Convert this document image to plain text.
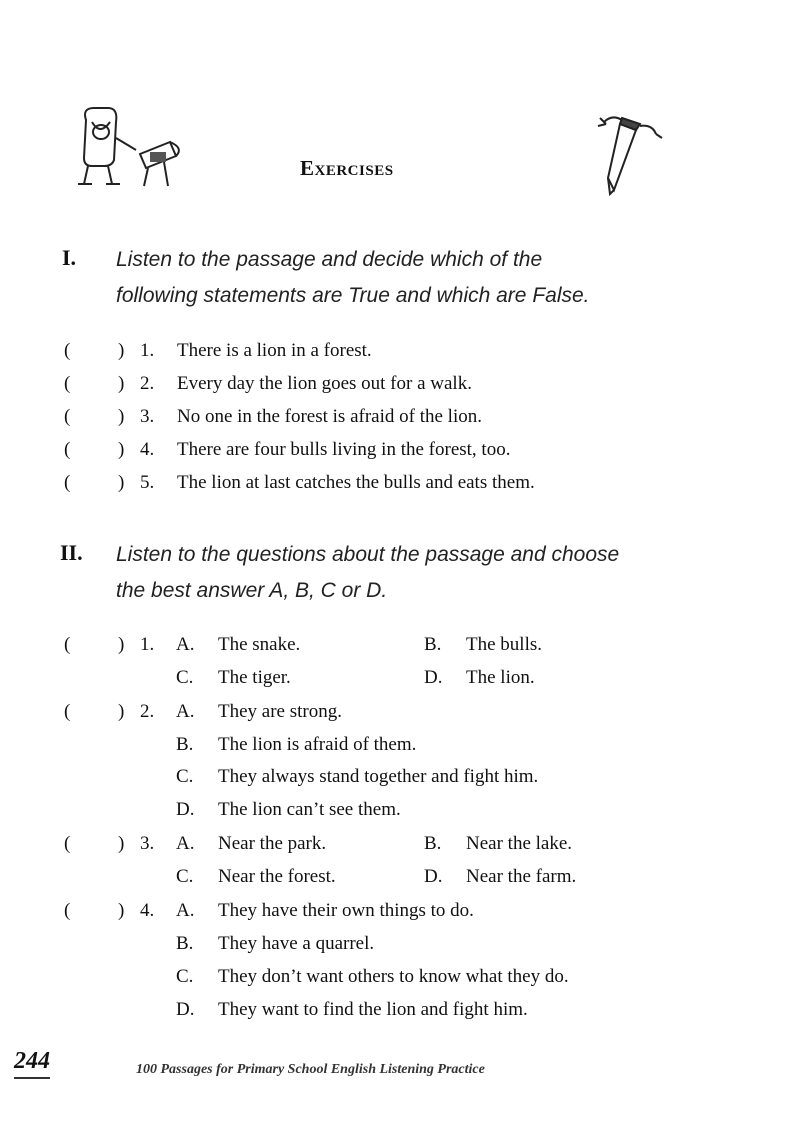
Exercises
I. Listen to the passage and decide which of the
following statements are True and which are False.
(	) 1. There is a lion in a forest.
(	) 2. Every day the lion goes out for a walk.
(	) 3. No one in the forest is afraid of the lion.
(	) 4. There are four bulls living in the forest, too.
(	) 5. The lion at last catches the bulls and eats them.
II. Listen to the questions about the passage and choose
the best answer A, B, C or D.
(	) 1. A. The snake.	B. The bulls.
C. The tiger.	D. The lion.
(	) 2. A. They are strong.
B. The lion is afraid of them.
C. They always stand together and fight him.
D. The lion can’t see them.
(	) 3. A. Near the park.	B. Near the lake.
C. Near the forest.	D. Near the farm.
(	) 4. A. They have their own things to do.
B. They have a quarrel.
C. They don’t want others to know what they do.
D. They want to find the lion and fight him.
244	100 Passages for Primary School English Listening Practice
